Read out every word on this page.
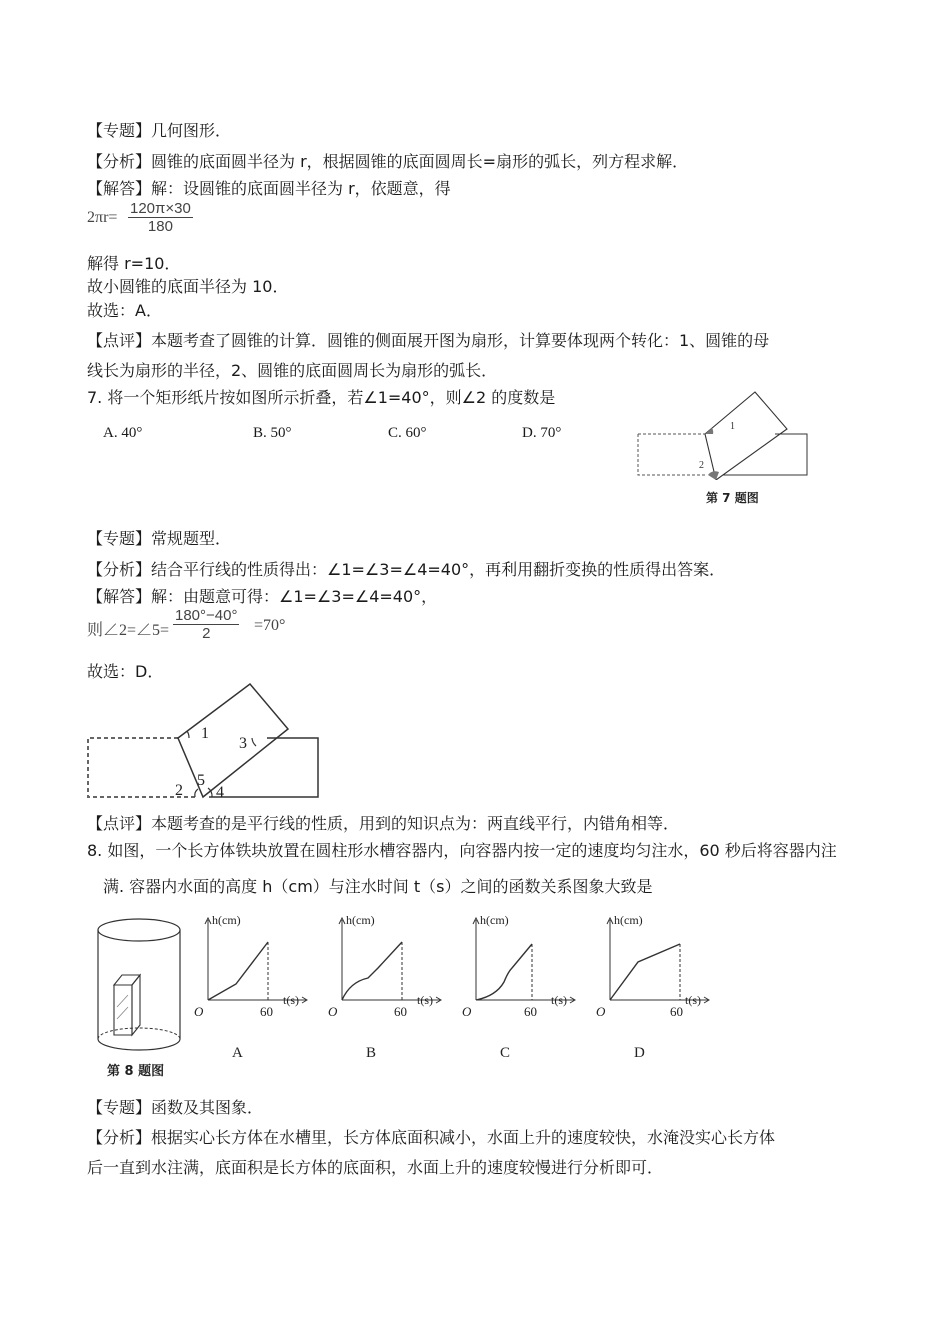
【专题】几何图形．
【分析】圆锥的底面圆半径为 r，根据圆锥的底面圆周长=扇形的弧长，列方程求解．
【解答】解：设圆锥的底面圆半径为 r，依题意，得
$2\pi r= \frac{120\pi\times 30}{180}$
解得 r=10．
故小圆锥的底面半径为 10．
故选：A．
【点评】本题考查了圆锥的计算．圆锥的侧面展开图为扇形，计算要体现两个转化：1、圆锥的母
线长为扇形的半径，2、圆锥的底面圆周长为扇形的弧长．
7. 将一个矩形纸片按如图所示折叠，若∠1=40°，则∠2 的度数是
A. 40°	B. 50°	C. 60°	D. 70°	1
2
第 7 题图
【专题】常规题型．
【分析】结合平行线的性质得出：∠1=∠3=∠4=40°，再利用翻折变换的性质得出答案．
【解答】解：由题意可得：∠1=∠3=∠4=40°，
则∠2=∠5= $\frac{180^\circ-40^\circ}{2} =70^\circ$
故选：D．
1
3
5
2 4
【点评】本题考查的是平行线的性质，用到的知识点为：两直线平行，内错角相等．
8. 如图，一个长方体铁块放置在圆柱形水槽容器内，向容器内按一定的速度均匀注水，60 秒后将容器内注
满. 容器内水面的高度 h（cm）与注水时间 t（s）之间的函数关系图象大致是
第 8 题图
h(cm)
t(s)
O	60
A
h(cm)
t(s)
O	60
B
h(cm)
t(s)
O	60
C
h(cm)
t(s)
O	60
D
【专题】函数及其图象．
【分析】根据实心长方体在水槽里，长方体底面积减小，水面上升的速度较快，水淹没实心长方体
后一直到水注满，底面积是长方体的底面积，水面上升的速度较慢进行分析即可．
